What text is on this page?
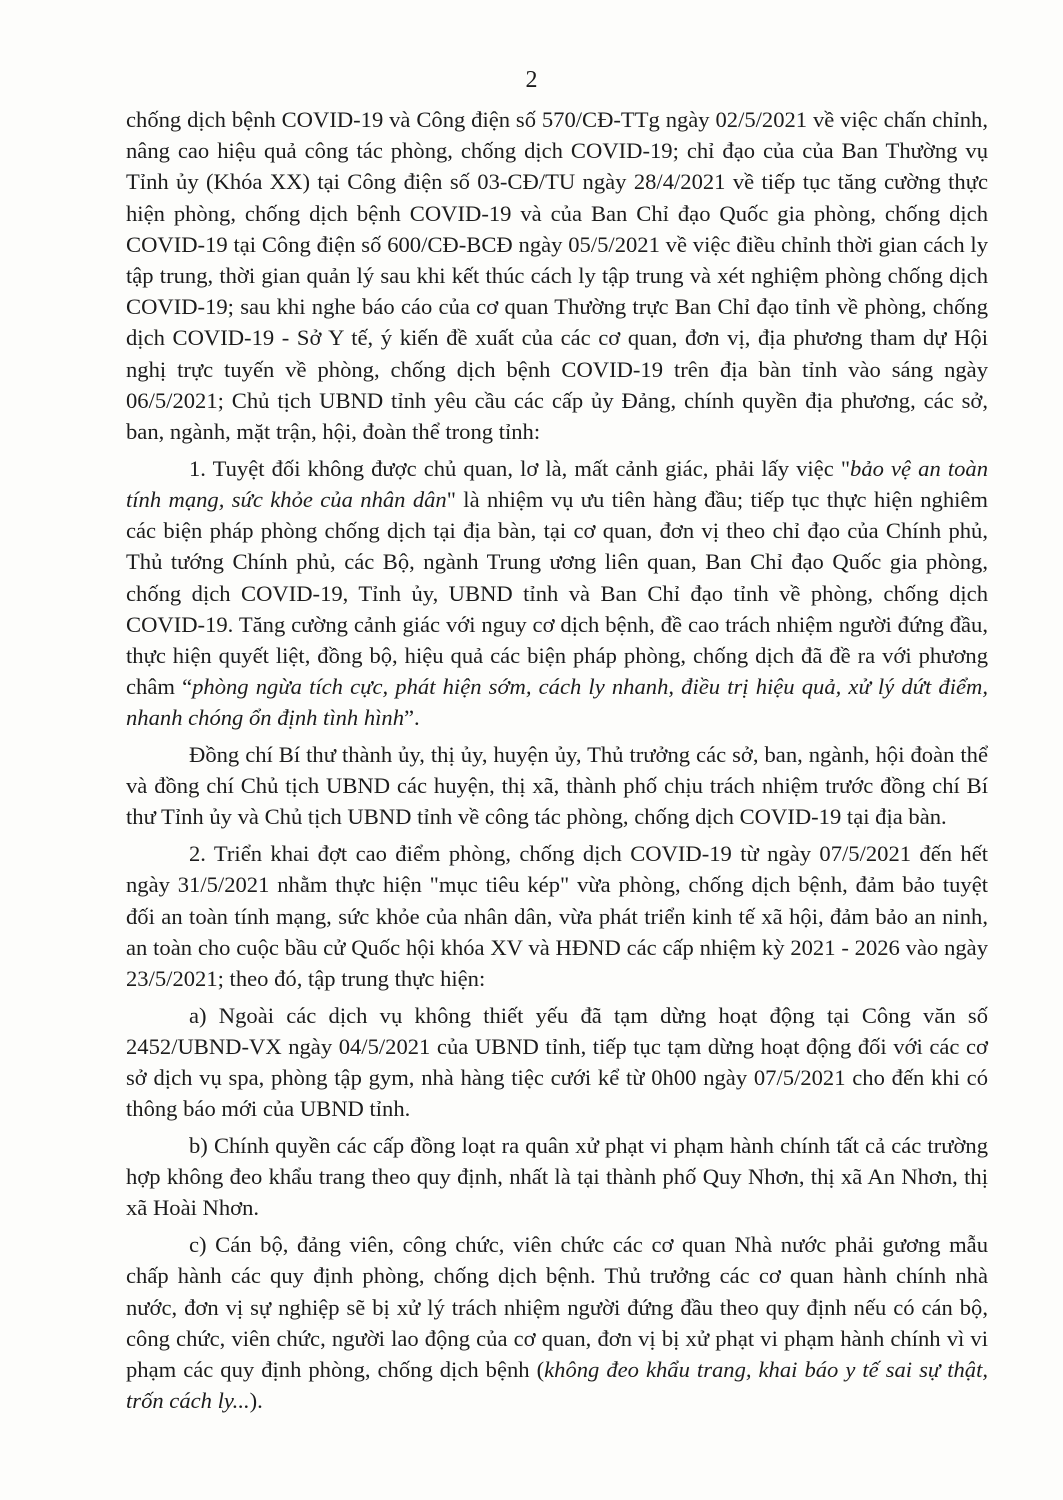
2

chống dịch bệnh COVID-19 và Công điện số 570/CĐ-TTg ngày 02/5/2021 về việc chấn chỉnh, nâng cao hiệu quả công tác phòng, chống dịch COVID-19; chỉ đạo của của Ban Thường vụ Tỉnh ủy (Khóa XX) tại Công điện số 03-CĐ/TU ngày 28/4/2021 về tiếp tục tăng cường thực hiện phòng, chống dịch bệnh COVID-19 và của Ban Chỉ đạo Quốc gia phòng, chống dịch COVID-19 tại Công điện số 600/CĐ-BCĐ ngày 05/5/2021 về việc điều chỉnh thời gian cách ly tập trung, thời gian quản lý sau khi kết thúc cách ly tập trung và xét nghiệm phòng chống dịch COVID-19; sau khi nghe báo cáo của cơ quan Thường trực Ban Chỉ đạo tỉnh về phòng, chống dịch COVID-19 - Sở Y tế, ý kiến đề xuất của các cơ quan, đơn vị, địa phương tham dự Hội nghị trực tuyến về phòng, chống dịch bệnh COVID-19 trên địa bàn tỉnh vào sáng ngày 06/5/2021; Chủ tịch UBND tỉnh yêu cầu các cấp ủy Đảng, chính quyền địa phương, các sở, ban, ngành, mặt trận, hội, đoàn thể trong tỉnh:

1. Tuyệt đối không được chủ quan, lơ là, mất cảnh giác, phải lấy việc "bảo vệ an toàn tính mạng, sức khỏe của nhân dân" là nhiệm vụ ưu tiên hàng đầu; tiếp tục thực hiện nghiêm các biện pháp phòng chống dịch tại địa bàn, tại cơ quan, đơn vị theo chỉ đạo của Chính phủ, Thủ tướng Chính phủ, các Bộ, ngành Trung ương liên quan, Ban Chỉ đạo Quốc gia phòng, chống dịch COVID-19, Tỉnh ủy, UBND tỉnh và Ban Chỉ đạo tỉnh về phòng, chống dịch COVID-19. Tăng cường cảnh giác với nguy cơ dịch bệnh, đề cao trách nhiệm người đứng đầu, thực hiện quyết liệt, đồng bộ, hiệu quả các biện pháp phòng, chống dịch đã đề ra với phương châm “phòng ngừa tích cực, phát hiện sớm, cách ly nhanh, điều trị hiệu quả, xử lý dứt điểm, nhanh chóng ổn định tình hình”.

Đồng chí Bí thư thành ủy, thị ủy, huyện ủy, Thủ trưởng các sở, ban, ngành, hội đoàn thể và đồng chí Chủ tịch UBND các huyện, thị xã, thành phố chịu trách nhiệm trước đồng chí Bí thư Tỉnh ủy và Chủ tịch UBND tỉnh về công tác phòng, chống dịch COVID-19 tại địa bàn.

2. Triển khai đợt cao điểm phòng, chống dịch COVID-19 từ ngày 07/5/2021 đến hết ngày 31/5/2021 nhằm thực hiện "mục tiêu kép" vừa phòng, chống dịch bệnh, đảm bảo tuyệt đối an toàn tính mạng, sức khỏe của nhân dân, vừa phát triển kinh tế xã hội, đảm bảo an ninh, an toàn cho cuộc bầu cử Quốc hội khóa XV và HĐND các cấp nhiệm kỳ 2021 - 2026 vào ngày 23/5/2021; theo đó, tập trung thực hiện:

a) Ngoài các dịch vụ không thiết yếu đã tạm dừng hoạt động tại Công văn số 2452/UBND-VX ngày 04/5/2021 của UBND tỉnh, tiếp tục tạm dừng hoạt động đối với các cơ sở dịch vụ spa, phòng tập gym, nhà hàng tiệc cưới kể từ 0h00 ngày 07/5/2021 cho đến khi có thông báo mới của UBND tỉnh.

b) Chính quyền các cấp đồng loạt ra quân xử phạt vi phạm hành chính tất cả các trường hợp không đeo khẩu trang theo quy định, nhất là tại thành phố Quy Nhơn, thị xã An Nhơn, thị xã Hoài Nhơn.

c) Cán bộ, đảng viên, công chức, viên chức các cơ quan Nhà nước phải gương mẫu chấp hành các quy định phòng, chống dịch bệnh. Thủ trưởng các cơ quan hành chính nhà nước, đơn vị sự nghiệp sẽ bị xử lý trách nhiệm người đứng đầu theo quy định nếu có cán bộ, công chức, viên chức, người lao động của cơ quan, đơn vị bị xử phạt vi phạm hành chính vì vi phạm các quy định phòng, chống dịch bệnh (không đeo khẩu trang, khai báo y tế sai sự thật, trốn cách ly...).
